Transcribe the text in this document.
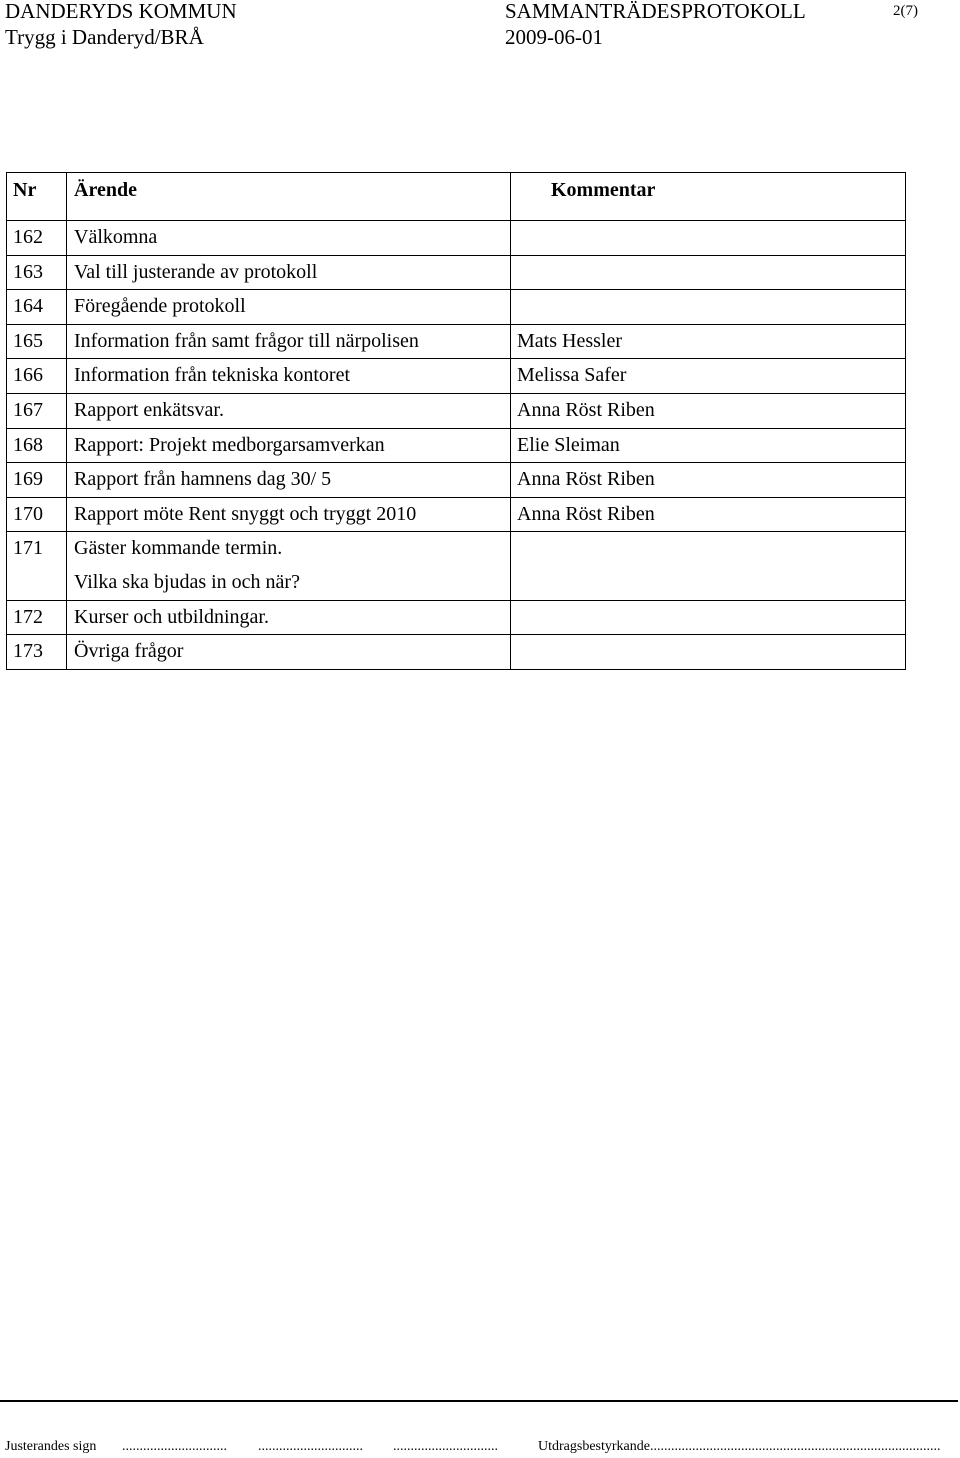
DANDERYDS KOMMUN
Trygg i Danderyd/BRÅ
SAMMANTRÄDESPROTOKOLL
2009-06-01
2(7)
Nr	Ärende	Kommentar
162	Välkomna	

163	Val till justerande av protokoll	

164	Föregående protokoll	

165	Information från samt frågor till närpolisen	Mats Hessler
166	Information från tekniska kontoret	Melissa Safer
167	Rapport enkätsvar.	Anna Röst Riben
168	Rapport: Projekt medborgarsamverkan	Elie Sleiman
169	Rapport från hamnens dag 30/ 5	Anna Röst Riben
170	Rapport möte Rent snyggt och tryggt 2010	Anna Röst Riben
171	Gäster kommande termin.
Vilka ska bjudas in och när?	

172	Kurser och utbildningar.	

173	Övriga frågor	

Justerandes sign ..............................	..............................	..............................	Utdragsbestyrkande...................................................................................
